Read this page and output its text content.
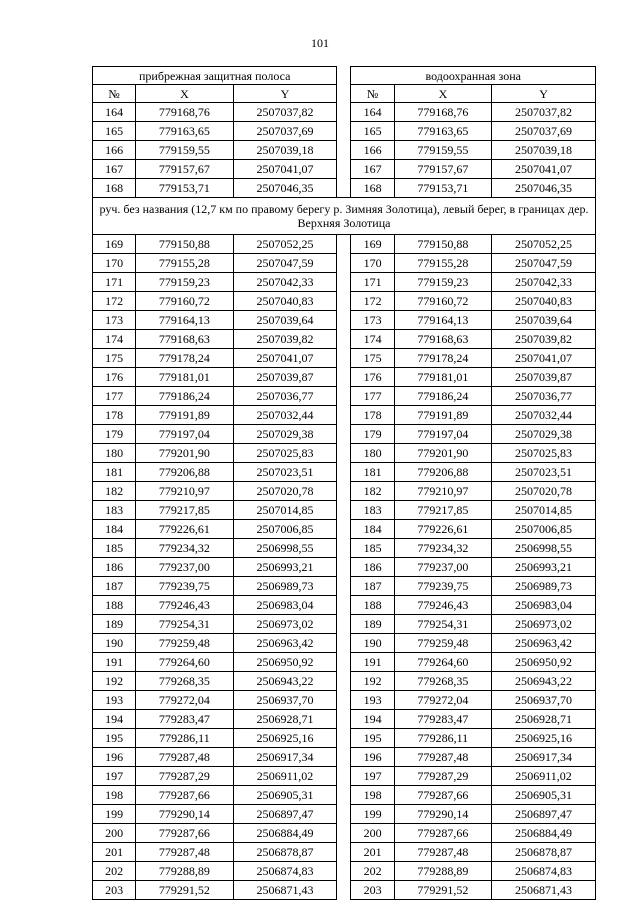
101
прибрежная защитная полоса				водоохранная зона		
№	X	Y		№	X	Y
164	779168,76	2507037,82		164	779168,76	2507037,82
165	779163,65	2507037,69		165	779163,65	2507037,69
166	779159,55	2507039,18		166	779159,55	2507039,18
167	779157,67	2507041,07		167	779157,67	2507041,07
168	779153,71	2507046,35		168	779153,71	2507046,35
руч. без названия (12,7 км по правому берегу р. Зимняя Золотица), левый берег, в границах дер. Верхняя Золотица						
169	779150,88	2507052,25		169	779150,88	2507052,25
170	779155,28	2507047,59		170	779155,28	2507047,59
171	779159,23	2507042,33		171	779159,23	2507042,33
172	779160,72	2507040,83		172	779160,72	2507040,83
173	779164,13	2507039,64		173	779164,13	2507039,64
174	779168,63	2507039,82		174	779168,63	2507039,82
175	779178,24	2507041,07		175	779178,24	2507041,07
176	779181,01	2507039,87		176	779181,01	2507039,87
177	779186,24	2507036,77		177	779186,24	2507036,77
178	779191,89	2507032,44		178	779191,89	2507032,44
179	779197,04	2507029,38		179	779197,04	2507029,38
180	779201,90	2507025,83		180	779201,90	2507025,83
181	779206,88	2507023,51		181	779206,88	2507023,51
182	779210,97	2507020,78		182	779210,97	2507020,78
183	779217,85	2507014,85		183	779217,85	2507014,85
184	779226,61	2507006,85		184	779226,61	2507006,85
185	779234,32	2506998,55		185	779234,32	2506998,55
186	779237,00	2506993,21		186	779237,00	2506993,21
187	779239,75	2506989,73		187	779239,75	2506989,73
188	779246,43	2506983,04		188	779246,43	2506983,04
189	779254,31	2506973,02		189	779254,31	2506973,02
190	779259,48	2506963,42		190	779259,48	2506963,42
191	779264,60	2506950,92		191	779264,60	2506950,92
192	779268,35	2506943,22		192	779268,35	2506943,22
193	779272,04	2506937,70		193	779272,04	2506937,70
194	779283,47	2506928,71		194	779283,47	2506928,71
195	779286,11	2506925,16		195	779286,11	2506925,16
196	779287,48	2506917,34		196	779287,48	2506917,34
197	779287,29	2506911,02		197	779287,29	2506911,02
198	779287,66	2506905,31		198	779287,66	2506905,31
199	779290,14	2506897,47		199	779290,14	2506897,47
200	779287,66	2506884,49		200	779287,66	2506884,49
201	779287,48	2506878,87		201	779287,48	2506878,87
202	779288,89	2506874,83		202	779288,89	2506874,83
203	779291,52	2506871,43		203	779291,52	2506871,43
